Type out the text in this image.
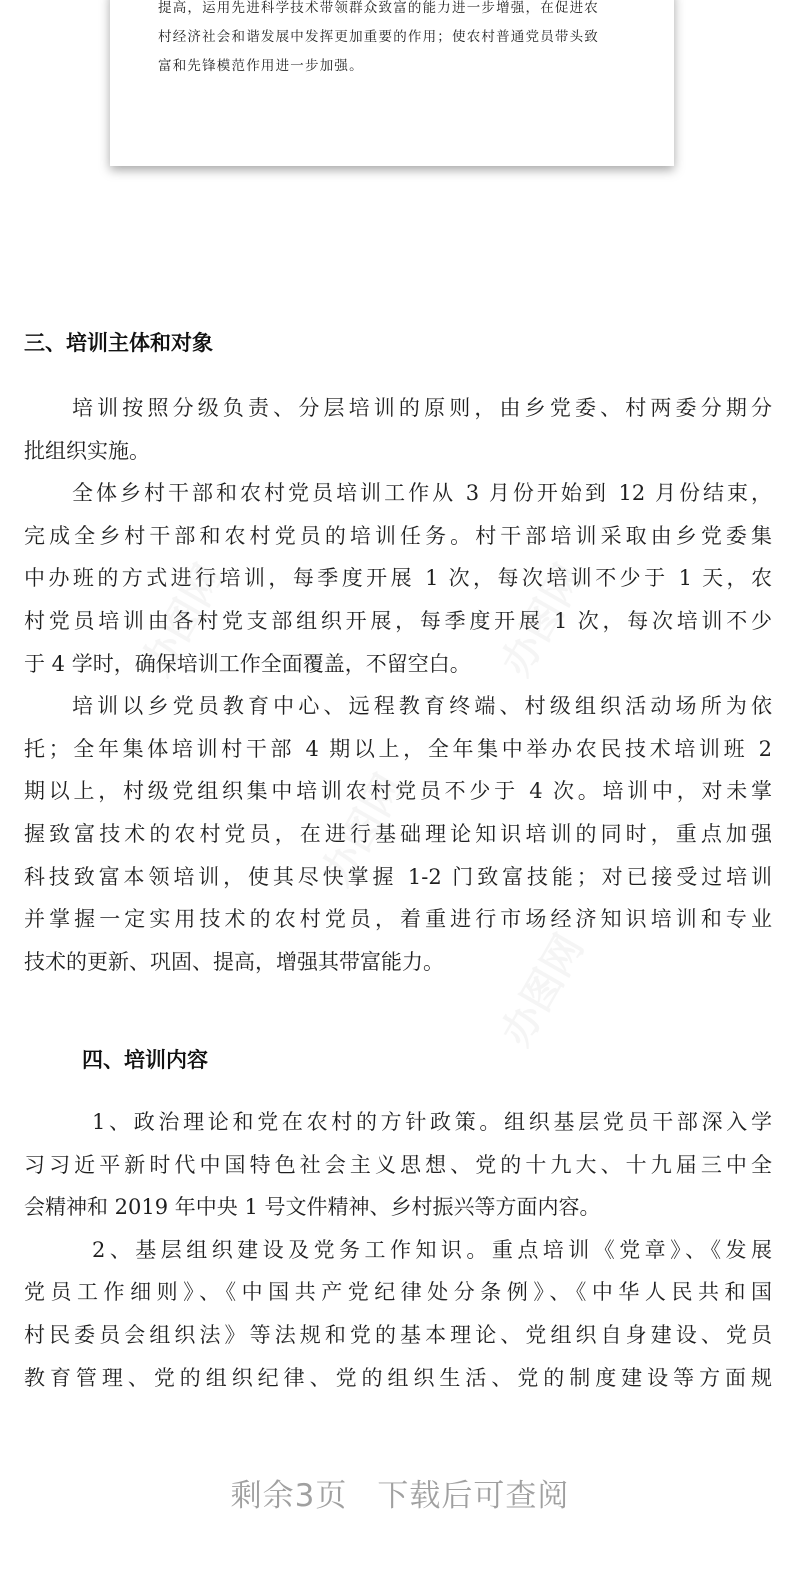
提高，运用先进科学技术带领群众致富的能力进一步增强，在促进农
村经济社会和谐发展中发挥更加重要的作用；使农村普通党员带头致
富和先锋模范作用进一步加强。
三、培训主体和对象
培训按照分级负责、分层培训的原则，由乡党委、村两委分期分
批组织实施。
全体乡村干部和农村党员培训工作从 3 月份开始到 12 月份结束，
完成全乡村干部和农村党员的培训任务。村干部培训采取由乡党委集
中办班的方式进行培训，每季度开展 1 次，每次培训不少于 1 天，农
村党员培训由各村党支部组织开展，每季度开展 1 次，每次培训不少
于 4 学时，确保培训工作全面覆盖，不留空白。
培训以乡党员教育中心、远程教育终端、村级组织活动场所为依
托；全年集体培训村干部 4 期以上，全年集中举办农民技术培训班 2
期以上，村级党组织集中培训农村党员不少于 4 次。培训中，对未掌
握致富技术的农村党员，在进行基础理论知识培训的同时，重点加强
科技致富本领培训，使其尽快掌握 1-2 门致富技能；对已接受过培训
并掌握一定实用技术的农村党员，着重进行市场经济知识培训和专业
技术的更新、巩固、提高，增强其带富能力。
四、培训内容
1、政治理论和党在农村的方针政策。组织基层党员干部深入学
习习近平新时代中国特色社会主义思想、党的十九大、十九届三中全
会精神和 2019 年中央 1 号文件精神、乡村振兴等方面内容。
2、基层组织建设及党务工作知识。重点培训《党章》、《发展
党员工作细则》、《中国共产党纪律处分条例》、《中华人民共和国
村民委员会组织法》等法规和党的基本理论、党组织自身建设、党员
教育管理、党的组织纪律、党的组织生活、党的制度建设等方面规
办图网	办图网
办图网
办图网
剩余3页 下载后可查阅
